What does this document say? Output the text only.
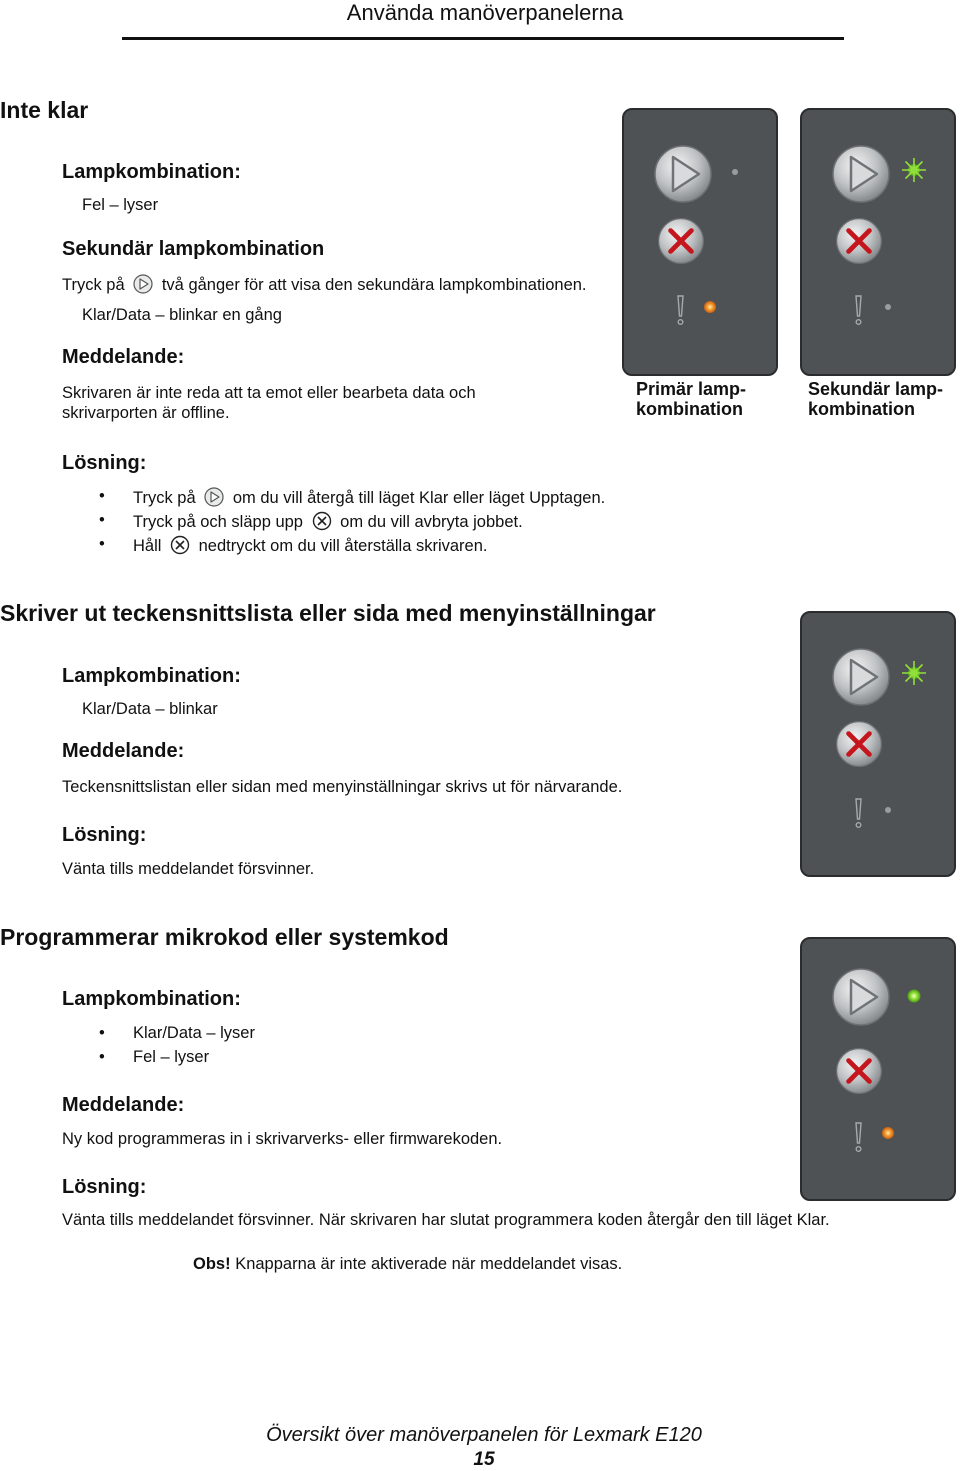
Använda manöverpanelerna
Inte klar
Lampkombination:
Fel – lyser
Sekundär lampkombination
Tryck på två gånger för att visa den sekundära lampkombinationen.
Klar/Data – blinkar en gång
Meddelande:
Skrivaren är inte reda att ta emot eller bearbeta data och
skrivarporten är offline.
Lösning:
• Tryck på om du vill återgå till läget Klar eller läget Upptagen.
• Tryck på och släpp upp om du vill avbryta jobbet.
• Håll nedtryckt om du vill återställa skrivaren.
Primär lamp-
kombination
Sekundär lamp-
kombination
Skriver ut teckensnittslista eller sida med menyinställningar
Lampkombination:
Klar/Data – blinkar
Meddelande:
Teckensnittslistan eller sidan med menyinställningar skrivs ut för närvarande.
Lösning:
Vänta tills meddelandet försvinner.
Programmerar mikrokod eller systemkod
Lampkombination:
• Klar/Data – lyser
• Fel – lyser
Meddelande:
Ny kod programmeras in i skrivarverks- eller firmwarekoden.
Lösning:
Vänta tills meddelandet försvinner. När skrivaren har slutat programmera koden återgår den till läget Klar.
Obs! Knapparna är inte aktiverade när meddelandet visas.
Översikt över manöverpanelen för Lexmark E120
15
